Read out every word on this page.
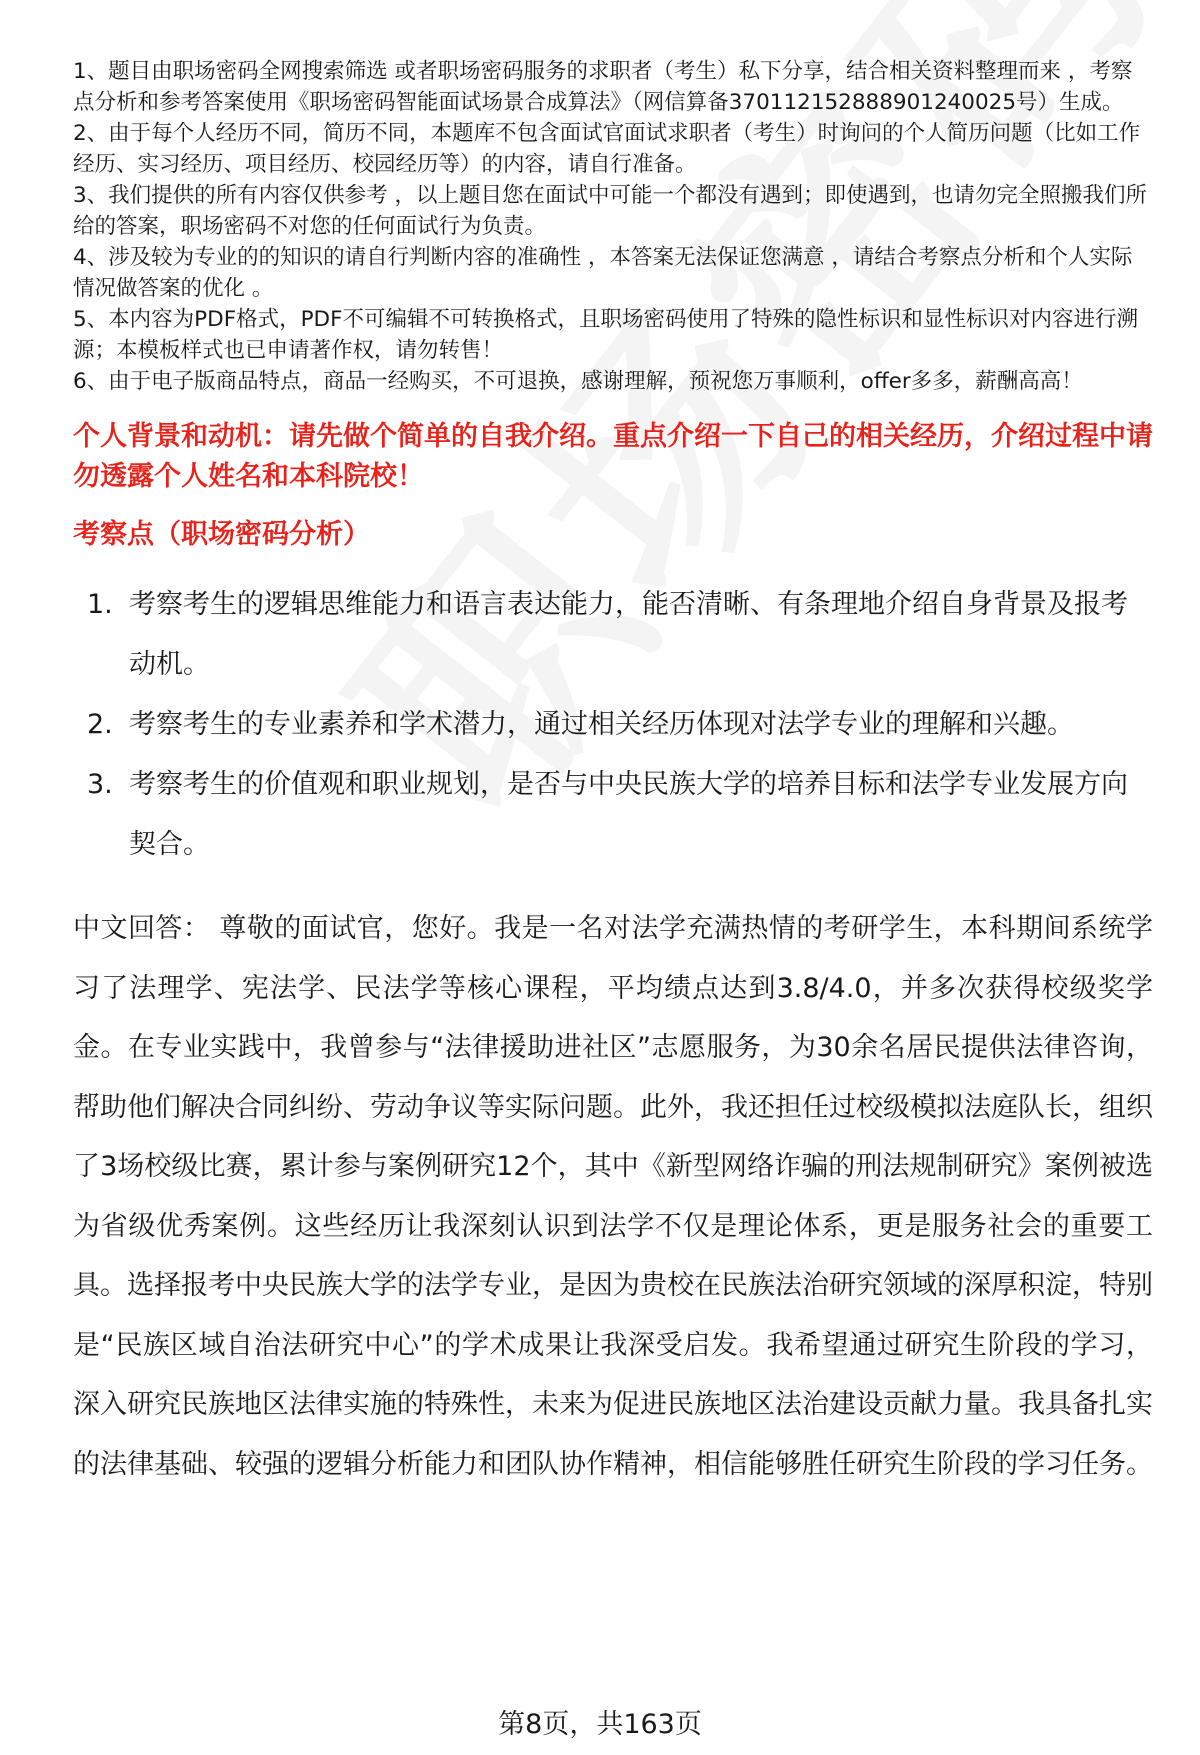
1、题目由职场密码全网搜索筛选 或者职场密码服务的求职者（考生）私下分享，结合相关资料整理而来 ，考察点分析和参考答案使用《职场密码智能面试场景合成算法》（网信算备370112152888901240025号）生成。

2、由于每个人经历不同，简历不同，本题库不包含面试官面试求职者（考生）时询问的个人简历问题（比如工作经历、实习经历、项目经历、校园经历等）的内容，请自行准备。

3、我们提供的所有内容仅供参考 ，以上题目您在面试中可能一个都没有遇到；即使遇到，也请勿完全照搬我们所给的答案，职场密码不对您的任何面试行为负责。

4、涉及较为专业的的知识的请自行判断内容的准确性 ，本答案无法保证您满意 ，请结合考察点分析和个人实际情况做答案的优化 。

5、本内容为PDF格式，PDF不可编辑不可转换格式，且职场密码使用了特殊的隐性标识和显性标识对内容进行溯源；本模板样式也已申请著作权，请勿转售！

6、由于电子版商品特点，商品一经购买，不可退换，感谢理解，预祝您万事顺利，offer多多，薪酬高高！

个人背景和动机：请先做个简单的自我介绍。重点介绍一下自己的相关经历，介绍过程中请勿透露个人姓名和本科院校！
考察点（职场密码分析）
1. 考察考生的逻辑思维能力和语言表达能力，能否清晰、有条理地介绍自身背景及报考动机。
2. 考察考生的专业素养和学术潜力，通过相关经历体现对法学专业的理解和兴趣。
3. 考察考生的价值观和职业规划，是否与中央民族大学的培养目标和法学专业发展方向契合。
中文回答： 尊敬的面试官，您好。我是一名对法学充满热情的考研学生，本科期间系统学习了法理学、宪法学、民法学等核心课程，平均绩点达到3.8/4.0，并多次获得校级奖学金。在专业实践中，我曾参与“法律援助进社区”志愿服务，为30余名居民提供法律咨询，帮助他们解决合同纠纷、劳动争议等实际问题。此外，我还担任过校级模拟法庭队长，组织了3场校级比赛，累计参与案例研究12个，其中《新型网络诈骗的刑法规制研究》案例被选为省级优秀案例。这些经历让我深刻认识到法学不仅是理论体系，更是服务社会的重要工具。选择报考中央民族大学的法学专业，是因为贵校在民族法治研究领域的深厚积淀，特别是“民族区域自治法研究中心”的学术成果让我深受启发。我希望通过研究生阶段的学习，深入研究民族地区法律实施的特殊性，未来为促进民族地区法治建设贡献力量。我具备扎实的法律基础、较强的逻辑分析能力和团队协作精神，相信能够胜任研究生阶段的学习任务。
第8页，共163页
